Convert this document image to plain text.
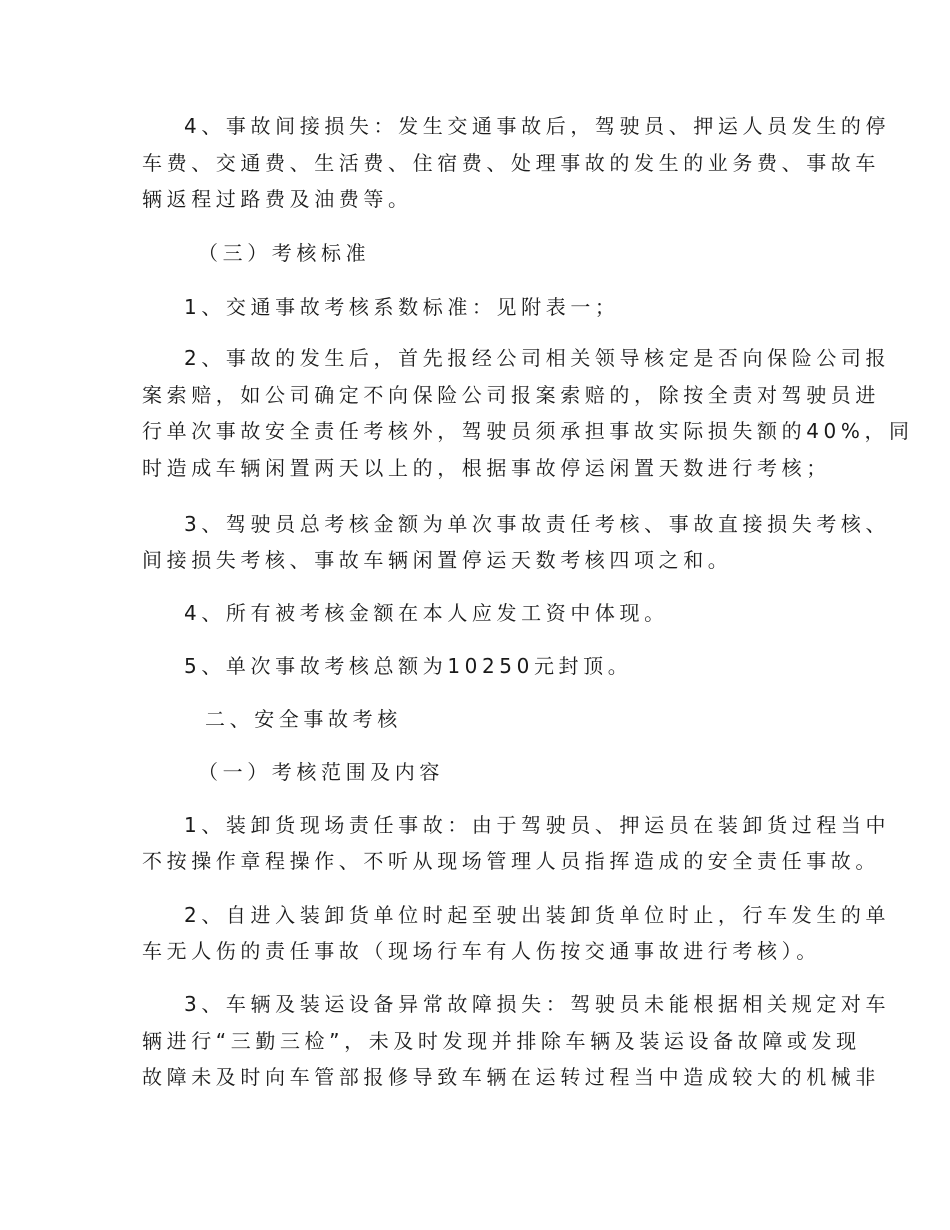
4、事故间接损失：发生交通事故后，驾驶员、押运人员发生的停
车费、交通费、生活费、住宿费、处理事故的发生的业务费、事故车
辆返程过路费及油费等。
（三）考核标准
1、交通事故考核系数标准：见附表一；
2、事故的发生后，首先报经公司相关领导核定是否向保险公司报
案索赔，如公司确定不向保险公司报案索赔的，除按全责对驾驶员进
行单次事故安全责任考核外，驾驶员须承担事故实际损失额的40%，同
时造成车辆闲置两天以上的，根据事故停运闲置天数进行考核；
3、驾驶员总考核金额为单次事故责任考核、事故直接损失考核、
间接损失考核、事故车辆闲置停运天数考核四项之和。
4、所有被考核金额在本人应发工资中体现。
5、单次事故考核总额为10250元封顶。
二、安全事故考核
（一）考核范围及内容
1、装卸货现场责任事故：由于驾驶员、押运员在装卸货过程当中
不按操作章程操作、不听从现场管理人员指挥造成的安全责任事故。
2、自进入装卸货单位时起至驶出装卸货单位时止，行车发生的单
车无人伤的责任事故（现场行车有人伤按交通事故进行考核）。
3、车辆及装运设备异常故障损失：驾驶员未能根据相关规定对车
辆进行“三勤三检”，未及时发现并排除车辆及装运设备故障或发现
故障未及时向车管部报修导致车辆在运转过程当中造成较大的机械非
